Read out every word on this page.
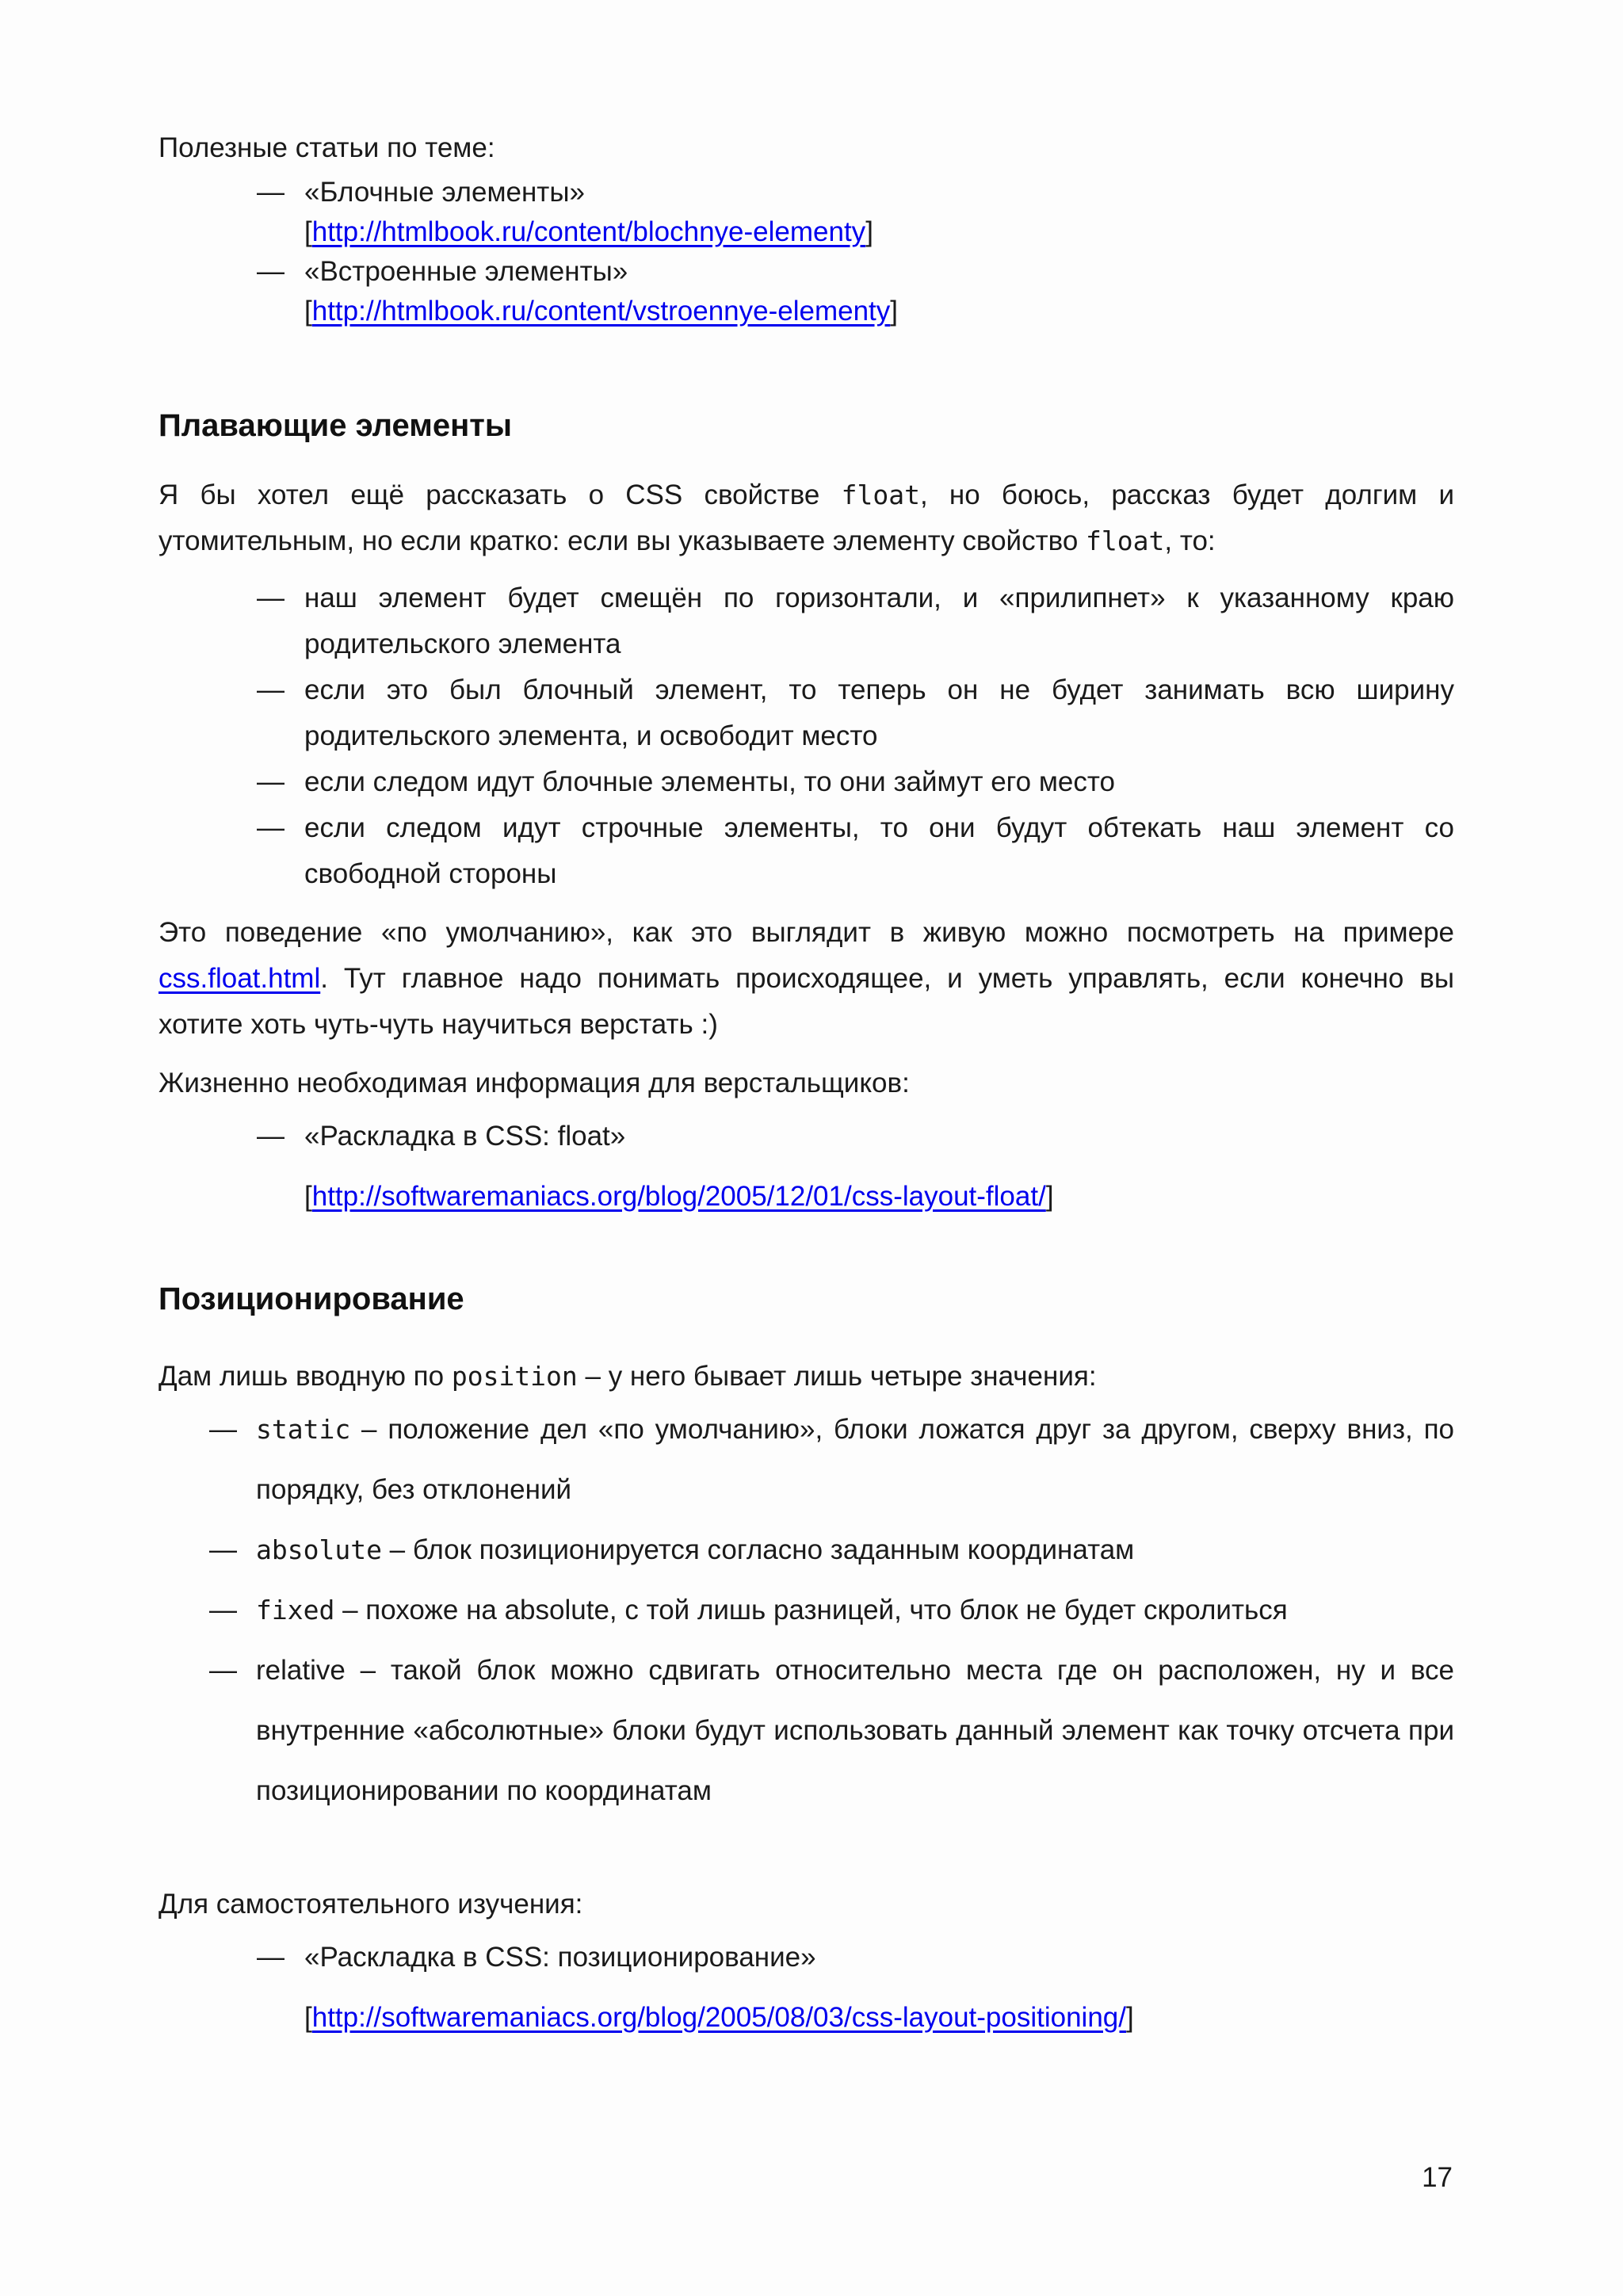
Полезные статьи по теме:

— «Блочные элементы»
[http://htmlbook.ru/content/blochnye-elementy]
— «Встроенные элементы»
[http://htmlbook.ru/content/vstroennye-elementy]
Плавающие элементы

Я бы хотел ещё рассказать о CSS свойстве float, но боюсь, рассказ будет долгим и утомительным, но если кратко: если вы указываете элементу свойство float, то:

— наш элемент будет смещён по горизонтали, и «прилипнет» к указанному краю родительского элемента
— если это был блочный элемент, то теперь он не будет занимать всю ширину родительского элемента, и освободит место
— если следом идут блочные элементы, то они займут его место
— если следом идут строчные элементы, то они будут обтекать наш элемент со свободной стороны

Это поведение «по умолчанию», как это выглядит в живую можно посмотреть на примере css.float.html. Тут главное надо понимать происходящее, и уметь управлять, если конечно вы хотите хоть чуть-чуть научиться верстать :)

Жизненно необходимая информация для верстальщиков:

— «Раскладка в CSS: float»
[http://softwaremaniacs.org/blog/2005/12/01/css-layout-float/]
Позиционирование

Дам лишь вводную по position – у него бывает лишь четыре значения:

— static – положение дел «по умолчанию», блоки ложатся друг за другом, сверху вниз, по порядку, без отклонений
— absolute – блок позиционируется согласно заданным координатам
— fixed – похоже на absolute, с той лишь разницей, что блок не будет скролиться
— relative – такой блок можно сдвигать относительно места где он расположен, ну и все внутренние «абсолютные» блоки будут использовать данный элемент как точку отсчета при позиционировании по координатам

Для самостоятельного изучения:

— «Раскладка в CSS: позиционирование»
[http://softwaremaniacs.org/blog/2005/08/03/css-layout-positioning/]
17
